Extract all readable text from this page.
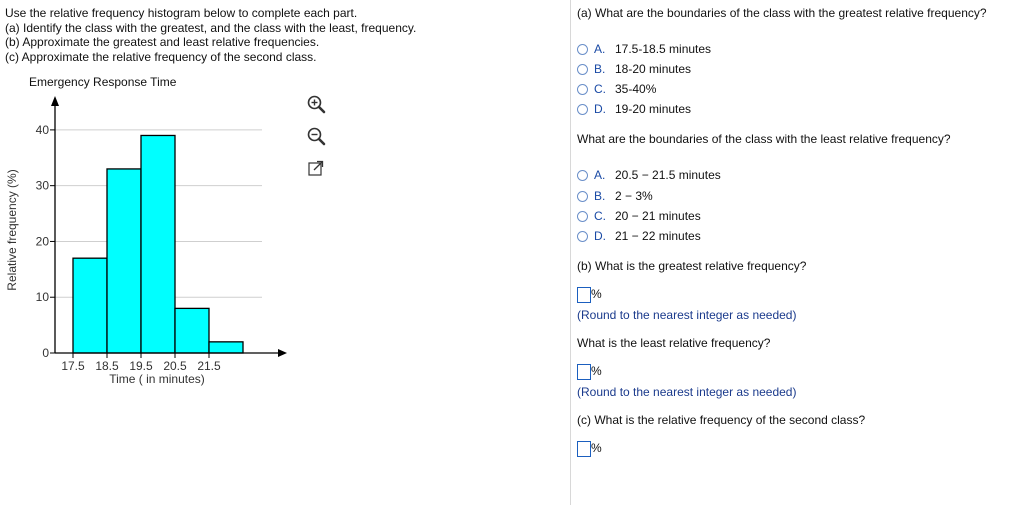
Use the relative frequency histogram below to complete each part.
(a) Identify the class with the greatest, and the class with the least, frequency.
(b) Approximate the greatest and least relative frequencies.
(c) Approximate the relative frequency of the second class.
Emergency Response Time
0
10
20
30
40
17.5 18.5 19.5 20.5 21.5
Time ( in minutes)
Relative frequency (%)
(a) What are the boundaries of the class with the greatest relative frequency?
A. 17.5-18.5 minutes
B. 18-20 minutes
C. 35-40%
D. 19-20 minutes
What are the boundaries of the class with the least relative frequency?
A. 20.5 − 21.5 minutes
B. 2 − 3%
C. 20 − 21 minutes
D. 21 − 22 minutes
(b) What is the greatest relative frequency?
%
(Round to the nearest integer as needed)
What is the least relative frequency?
%
(Round to the nearest integer as needed)
(c) What is the relative frequency of the second class?
%
